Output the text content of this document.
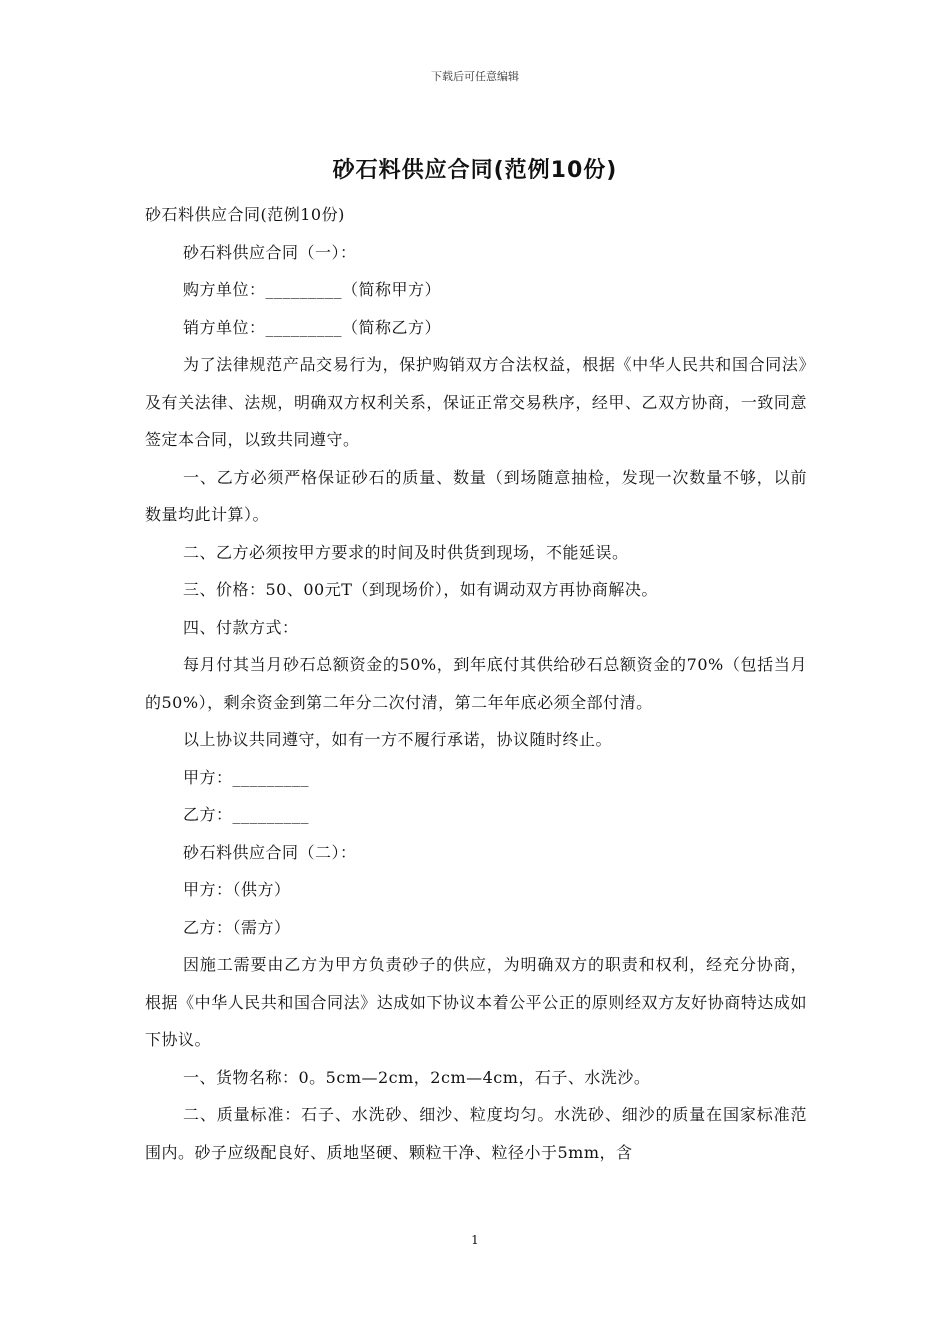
下载后可任意编辑
砂石料供应合同(范例10份)

砂石料供应合同(范例10份)

砂石料供应合同（一）：

购方单位：_________（简称甲方）

销方单位：_________（简称乙方）

为了法律规范产品交易行为，保护购销双方合法权益，根据《中华人民共和国合同法》及有关法律、法规，明确双方权利关系，保证正常交易秩序，经甲、乙双方协商，一致同意签定本合同，以致共同遵守。

一、乙方必须严格保证砂石的质量、数量（到场随意抽检，发现一次数量不够，以前数量均此计算）。

二、乙方必须按甲方要求的时间及时供货到现场，不能延误。

三、价格：50、00元T（到现场价），如有调动双方再协商解决。

四、付款方式：

每月付其当月砂石总额资金的50%，到年底付其供给砂石总额资金的70%（包括当月的50%），剩余资金到第二年分二次付清，第二年年底必须全部付清。

以上协议共同遵守，如有一方不履行承诺，协议随时终止。

甲方：_________

乙方：_________

砂石料供应合同（二）：

甲方：（供方）

乙方：（需方）

因施工需要由乙方为甲方负责砂子的供应，为明确双方的职责和权利，经充分协商，根据《中华人民共和国合同法》达成如下协议本着公平公正的原则经双方友好协商特达成如下协议。

一、货物名称：0。5cm—2cm，2cm—4cm，石子、水洗沙。

二、质量标准：石子、水洗砂、细沙、粒度均匀。水洗砂、细沙的质量在国家标准范围内。砂子应级配良好、质地坚硬、颗粒干净、粒径小于5mm，含

1
